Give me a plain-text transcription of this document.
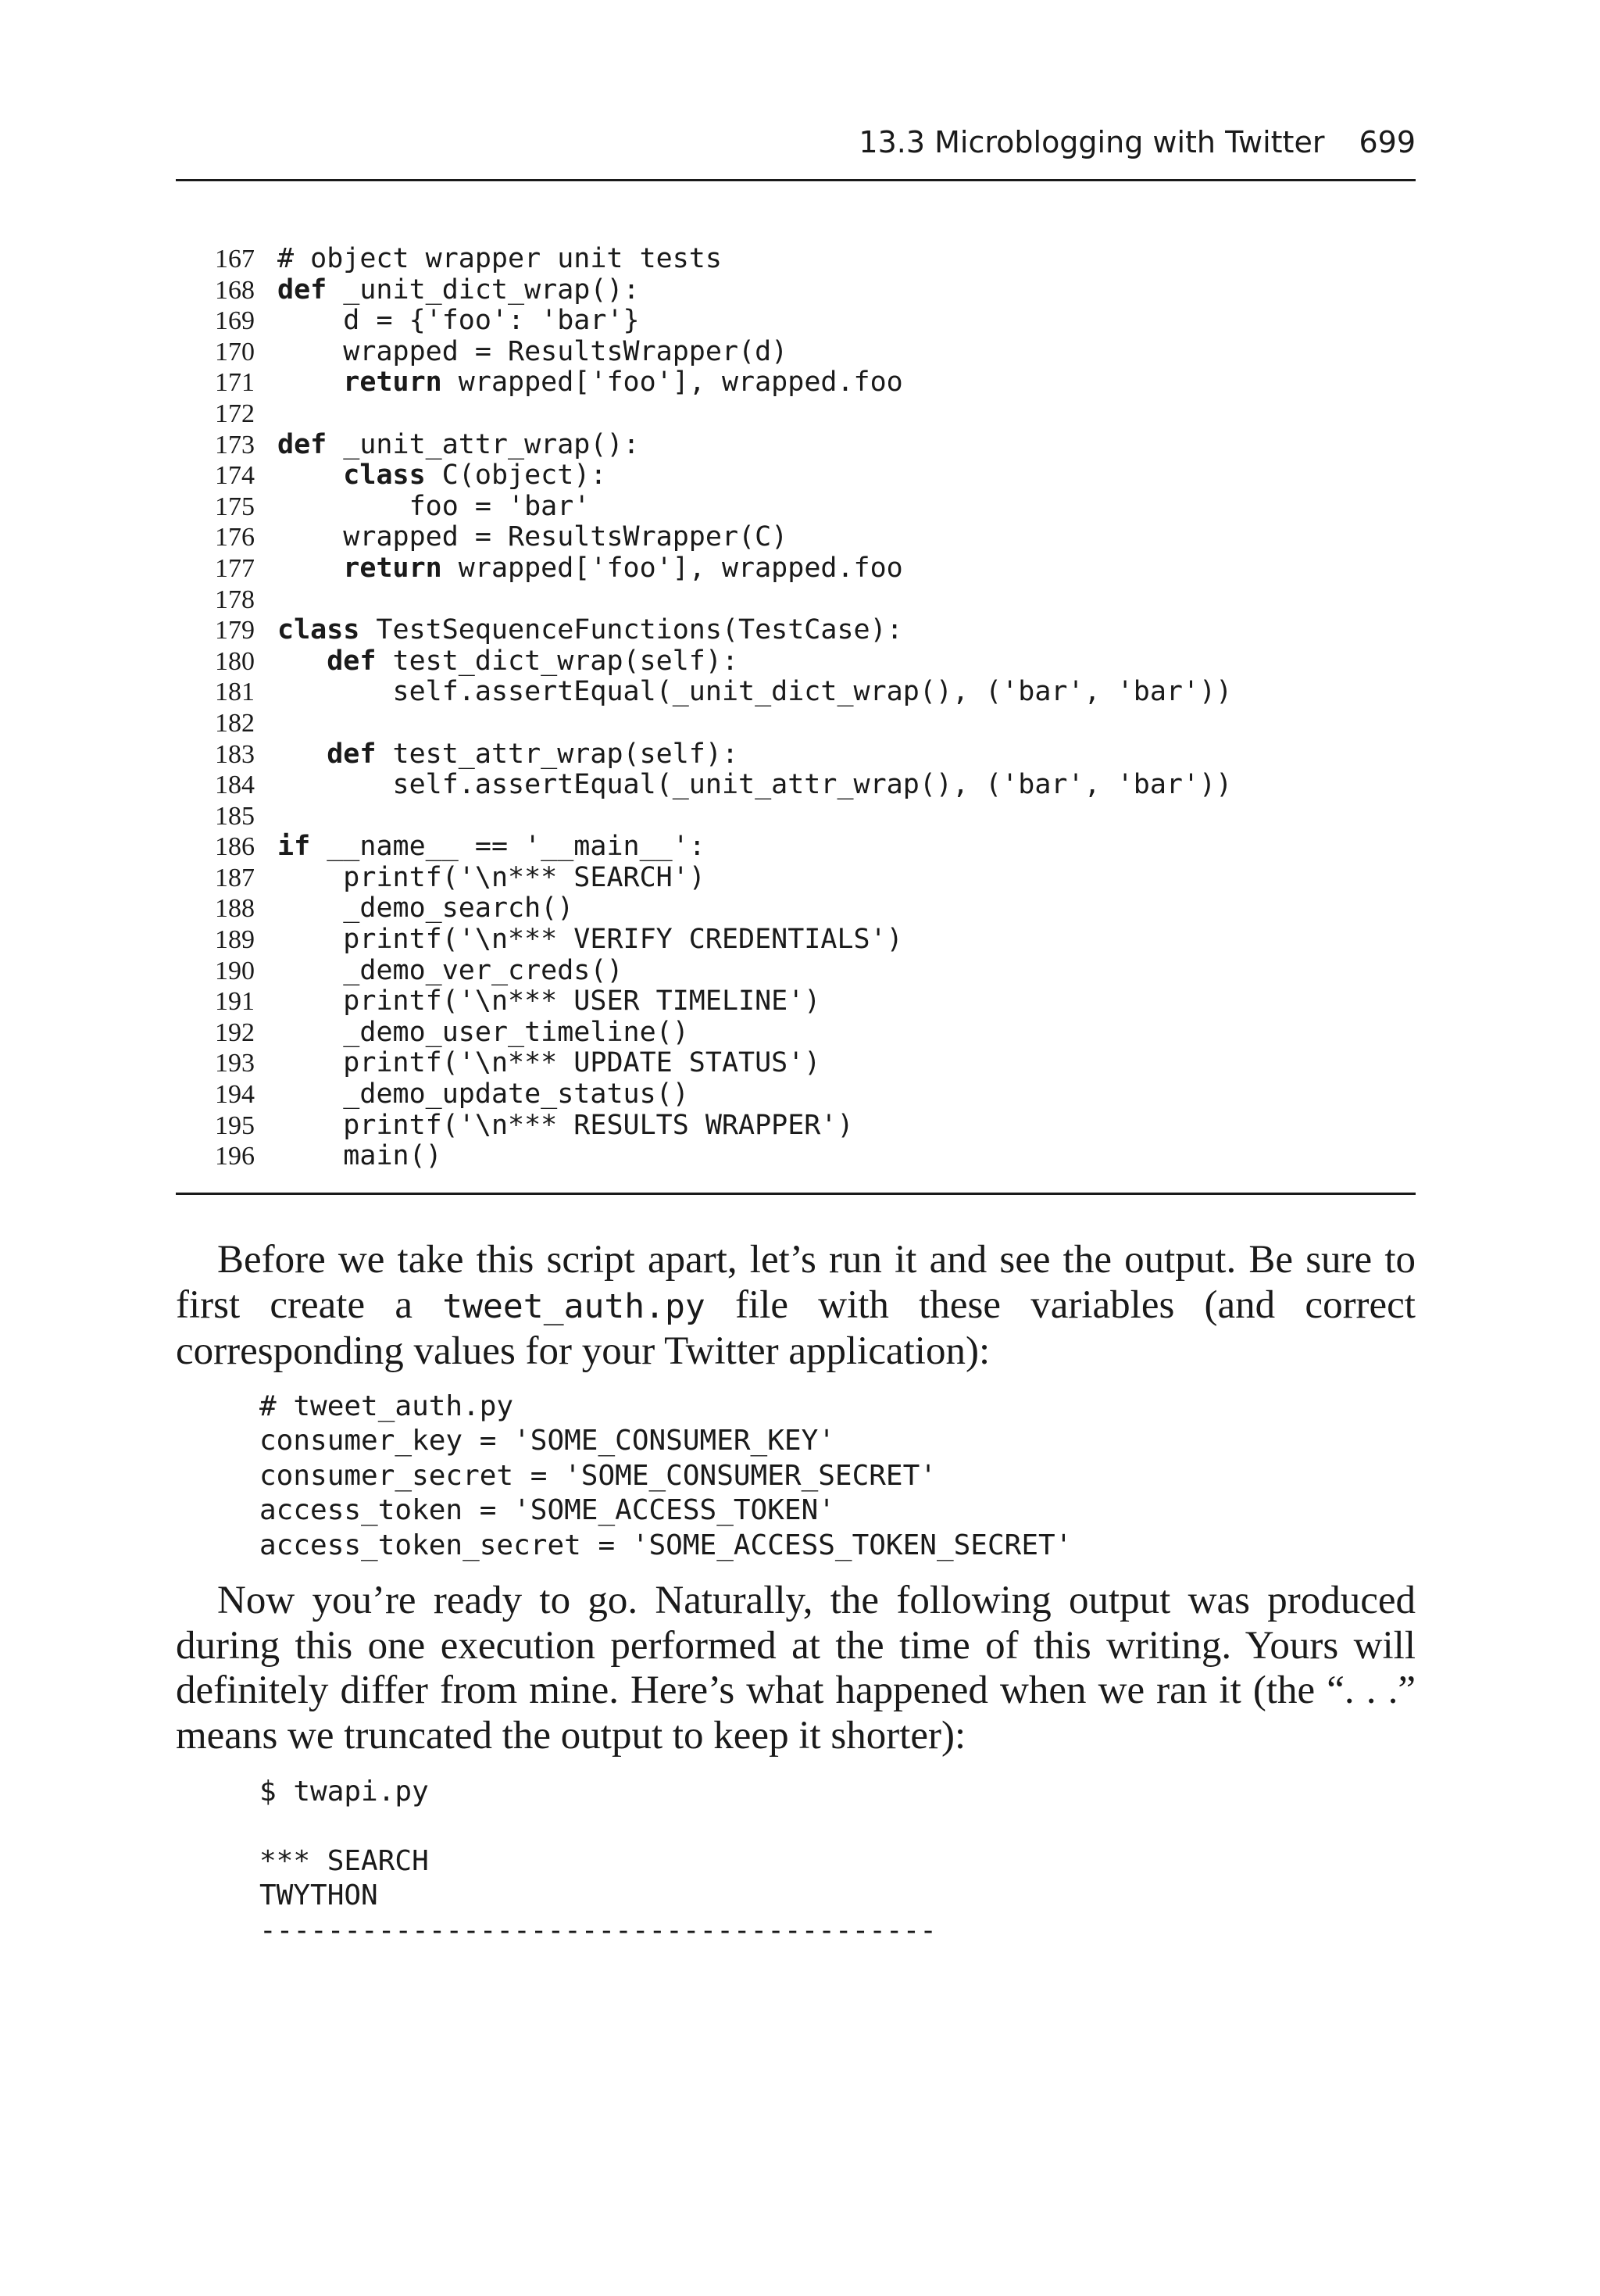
13.3 Microblogging with Twitter 699
167 # object wrapper unit tests
168 def _unit_dict_wrap():
169	d = {'foo': 'bar'}
170	wrapped = ResultsWrapper(d)
171	return wrapped['foo'], wrapped.foo
172
173 def _unit_attr_wrap():
174	class C(object):
175	foo = 'bar'
176	wrapped = ResultsWrapper(C)
177	return wrapped['foo'], wrapped.foo
178
179 class TestSequenceFunctions(TestCase):
180	def test_dict_wrap(self):
181	self.assertEqual(_unit_dict_wrap(), ('bar', 'bar'))
182
183	def test_attr_wrap(self):
184	self.assertEqual(_unit_attr_wrap(), ('bar', 'bar'))
185
186 if __name__ == '__main__':
187	printf('\n*** SEARCH')
188	_demo_search()
189	printf('\n*** VERIFY CREDENTIALS')
190	_demo_ver_creds()
191	printf('\n*** USER TIMELINE')
192	_demo_user_timeline()
193	printf('\n*** UPDATE STATUS')
194	_demo_update_status()
195	printf('\n*** RESULTS WRAPPER')
196	main()

Before we take this script apart, let’s run it and see the output. Be sure to first create a tweet_auth.py file with these variables (and correct corresponding values for your Twitter application):

# tweet_auth.py
consumer_key = 'SOME_CONSUMER_KEY'
consumer_secret = 'SOME_CONSUMER_SECRET'
access_token = 'SOME_ACCESS_TOKEN'
access_token_secret = 'SOME_ACCESS_TOKEN_SECRET'

Now you’re ready to go. Naturally, the following output was produced during this one execution performed at the time of this writing. Yours will definitely differ from mine. Here’s what happened when we ran it (the “. . .” means we truncated the output to keep it shorter):

$ twapi.py
*** SEARCH
TWYTHON
----------------------------------------
